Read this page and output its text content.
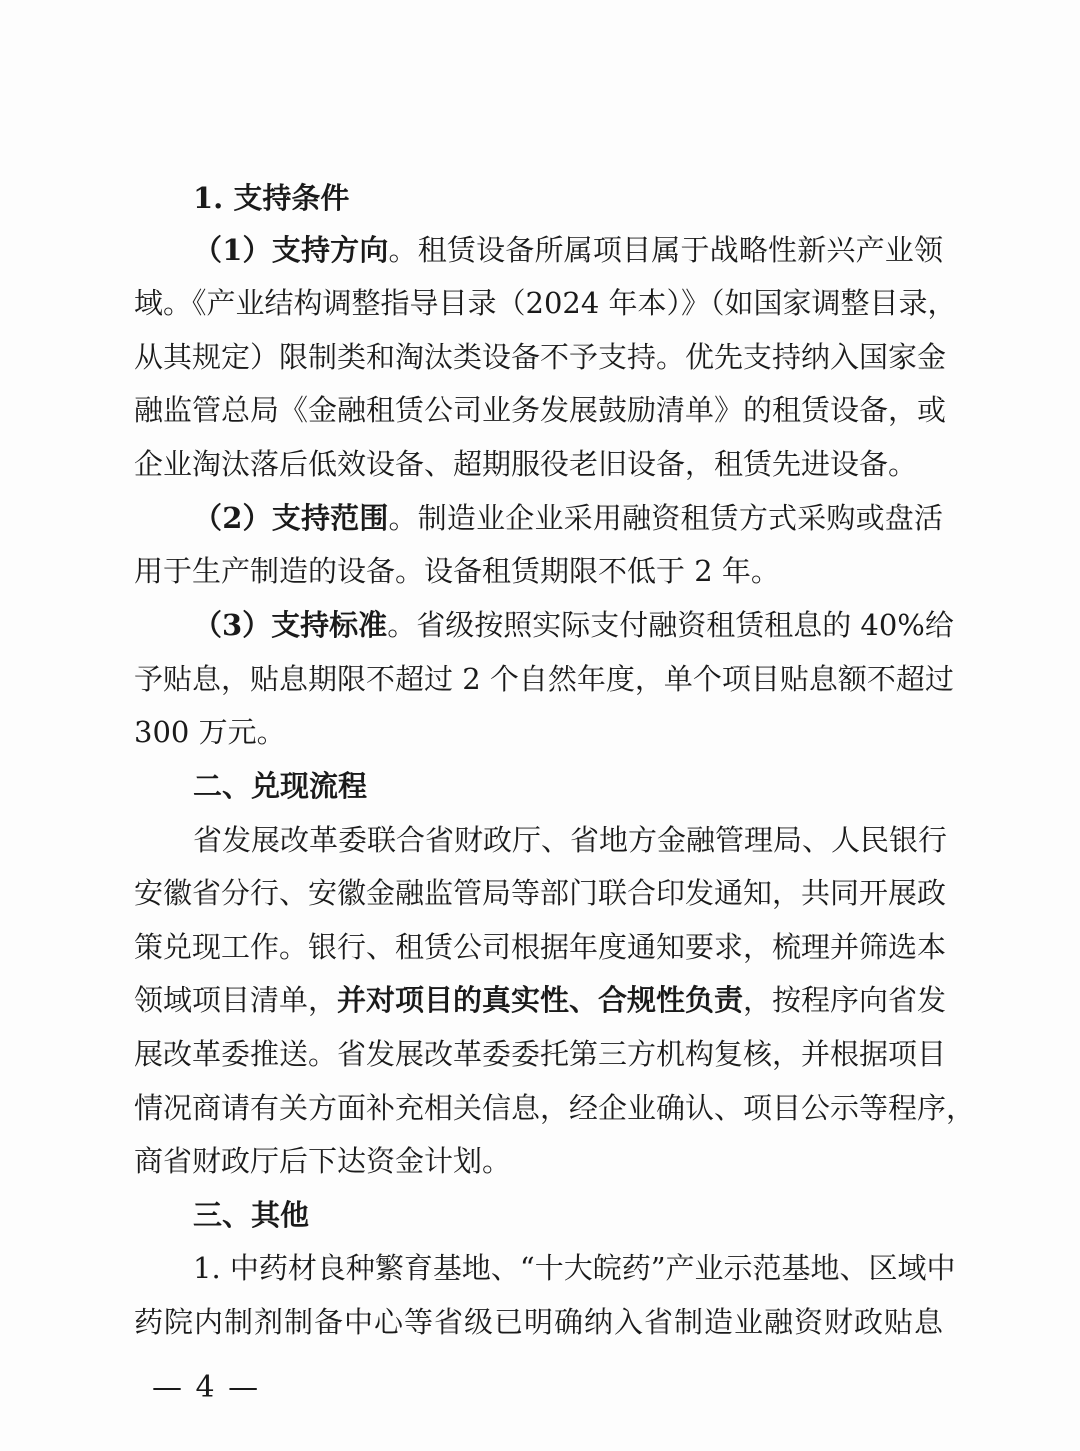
1. 支持条件
（1）支持方向。租赁设备所属项目属于战略性新兴产业领
域。《产业结构调整指导目录（2024 年本）》（如国家调整目录，
从其规定）限制类和淘汰类设备不予支持。优先支持纳入国家金
融监管总局《金融租赁公司业务发展鼓励清单》的租赁设备，或
企业淘汰落后低效设备、超期服役老旧设备，租赁先进设备。
（2）支持范围。制造业企业采用融资租赁方式采购或盘活
用于生产制造的设备。设备租赁期限不低于 2 年。
（3）支持标准。省级按照实际支付融资租赁租息的 40%给
予贴息，贴息期限不超过 2 个自然年度，单个项目贴息额不超过
300 万元。
二、兑现流程
省发展改革委联合省财政厅、省地方金融管理局、人民银行
安徽省分行、安徽金融监管局等部门联合印发通知，共同开展政
策兑现工作。银行、租赁公司根据年度通知要求，梳理并筛选本
领域项目清单，并对项目的真实性、合规性负责，按程序向省发
展改革委推送。省发展改革委委托第三方机构复核，并根据项目
情况商请有关方面补充相关信息，经企业确认、项目公示等程序，
商省财政厅后下达资金计划。
三、其他
1. 中药材良种繁育基地、“十大皖药”产业示范基地、区域中
药院内制剂制备中心等省级已明确纳入省制造业融资财政贴息
— 4 —
